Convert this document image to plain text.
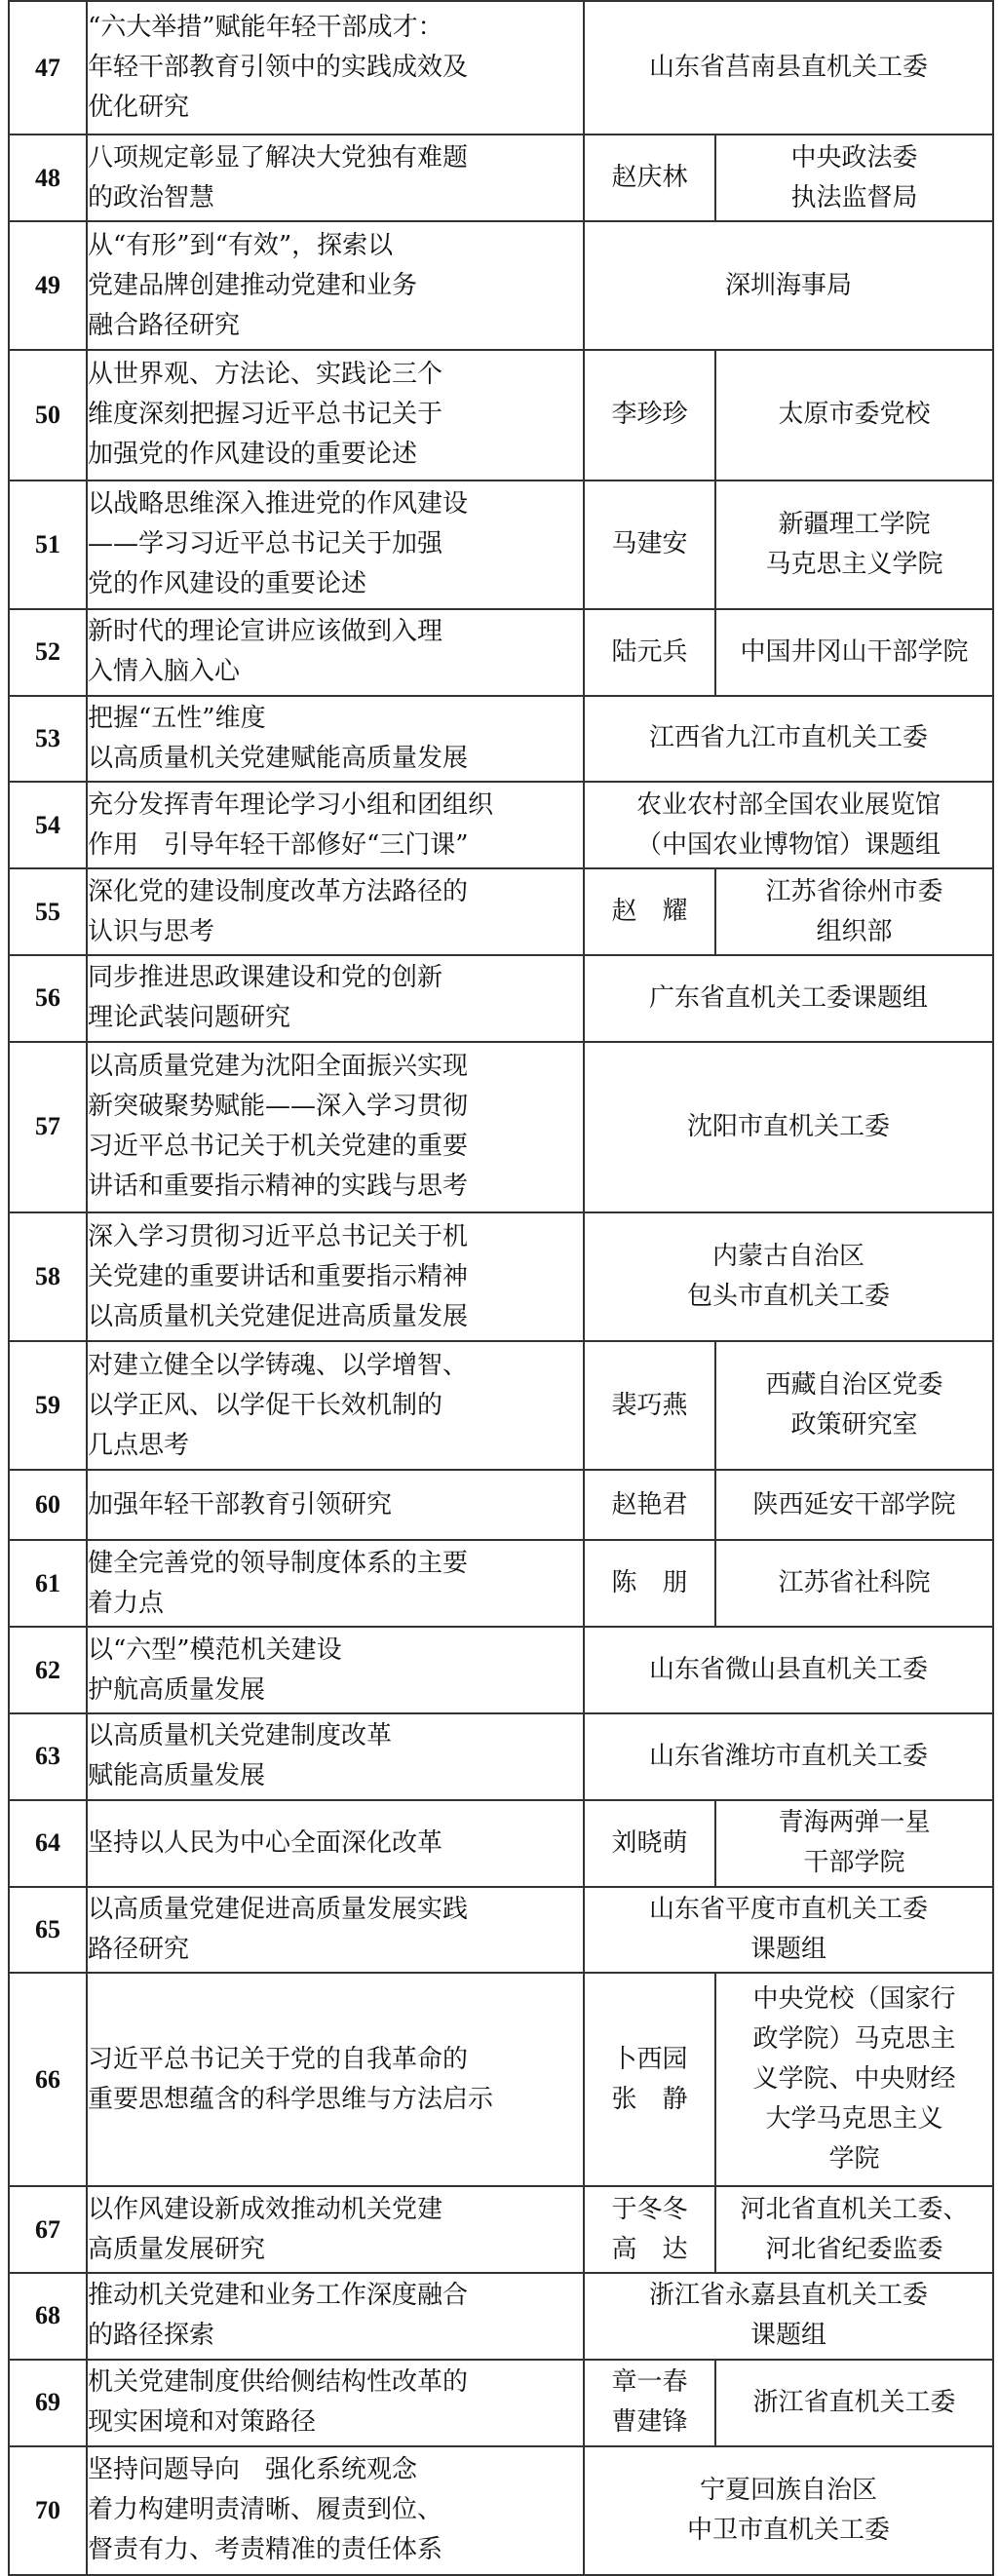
47	“六大举措”赋能年轻干部成才：
年轻干部教育引领中的实践成效及
优化研究	山东省莒南县直机关工委	
48	八项规定彰显了解决大党独有难题
的政治智慧	赵庆林	中央政法委
执法监督局
49	从“有形”到“有效”，探索以
党建品牌创建推动党建和业务
融合路径研究	深圳海事局	
50	从世界观、方法论、实践论三个
维度深刻把握习近平总书记关于
加强党的作风建设的重要论述	李珍珍	太原市委党校
51	以战略思维深入推进党的作风建设
——学习习近平总书记关于加强
党的作风建设的重要论述	马建安	新疆理工学院
马克思主义学院
52	新时代的理论宣讲应该做到入理
入情入脑入心	陆元兵	中国井冈山干部学院
53	把握“五性”维度
以高质量机关党建赋能高质量发展	江西省九江市直机关工委	
54	充分发挥青年理论学习小组和团组织
作用　引导年轻干部修好“三门课”	农业农村部全国农业展览馆
（中国农业博物馆）课题组	
55	深化党的建设制度改革方法路径的
认识与思考	赵　耀	江苏省徐州市委
组织部
56	同步推进思政课建设和党的创新
理论武装问题研究	广东省直机关工委课题组	
57	以高质量党建为沈阳全面振兴实现
新突破聚势赋能——深入学习贯彻
习近平总书记关于机关党建的重要
讲话和重要指示精神的实践与思考	沈阳市直机关工委	
58	深入学习贯彻习近平总书记关于机
关党建的重要讲话和重要指示精神
以高质量机关党建促进高质量发展	内蒙古自治区
包头市直机关工委	
59	对建立健全以学铸魂、以学增智、
以学正风、以学促干长效机制的
几点思考	裴巧燕	西藏自治区党委
政策研究室
60	加强年轻干部教育引领研究	赵艳君	陕西延安干部学院
61	健全完善党的领导制度体系的主要
着力点	陈　朋	江苏省社科院
62	以“六型”模范机关建设
护航高质量发展	山东省微山县直机关工委	
63	以高质量机关党建制度改革
赋能高质量发展	山东省潍坊市直机关工委	
64	坚持以人民为中心全面深化改革	刘晓萌	青海两弹一星
干部学院
65	以高质量党建促进高质量发展实践
路径研究	山东省平度市直机关工委
课题组	
66	习近平总书记关于党的自我革命的
重要思想蕴含的科学思维与方法启示	卜西园
张　静	中央党校（国家行
政学院）马克思主
义学院、中央财经
大学马克思主义
学院
67	以作风建设新成效推动机关党建
高质量发展研究	于冬冬
高　达	河北省直机关工委、
河北省纪委监委
68	推动机关党建和业务工作深度融合
的路径探索	浙江省永嘉县直机关工委
课题组	
69	机关党建制度供给侧结构性改革的
现实困境和对策路径	章一春
曹建锋	浙江省直机关工委
70	坚持问题导向　强化系统观念
着力构建明责清晰、履责到位、
督责有力、考责精准的责任体系	宁夏回族自治区
中卫市直机关工委	
